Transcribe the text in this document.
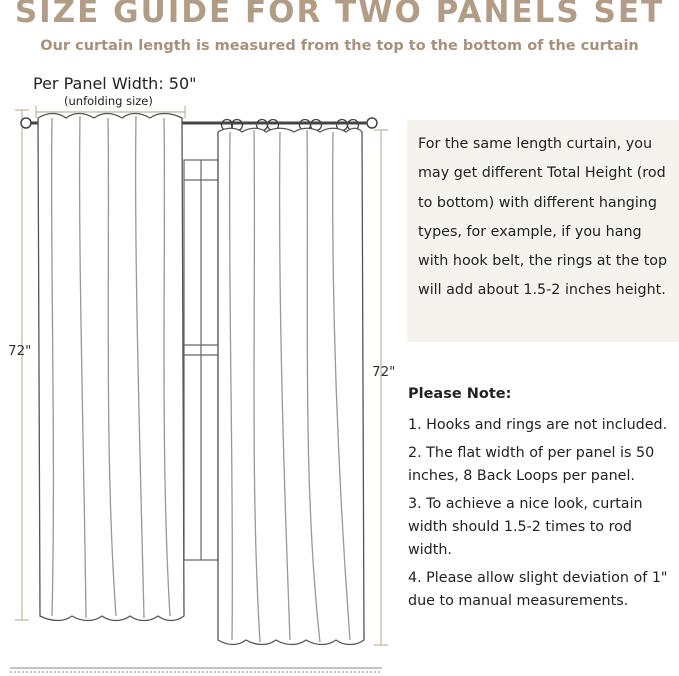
SIZE GUIDE FOR TWO PANELS SET
Our curtain length is measured from the top to the bottom of the curtain
Per Panel Width: 50"
(unfolding size)
72"
72"

For the same length curtain, you may get different Total Height (rod to bottom) with different hanging types, for example, if you hang with hook belt, the rings at the top will add about 1.5-2 inches height.

Please Note:
1. Hooks and rings are not included.
2. The flat width of per panel is 50 inches, 8 Back Loops per panel.
3. To achieve a nice look, curtain width should 1.5-2 times to rod width.
4. Please allow slight deviation of 1" due to manual measurements.
